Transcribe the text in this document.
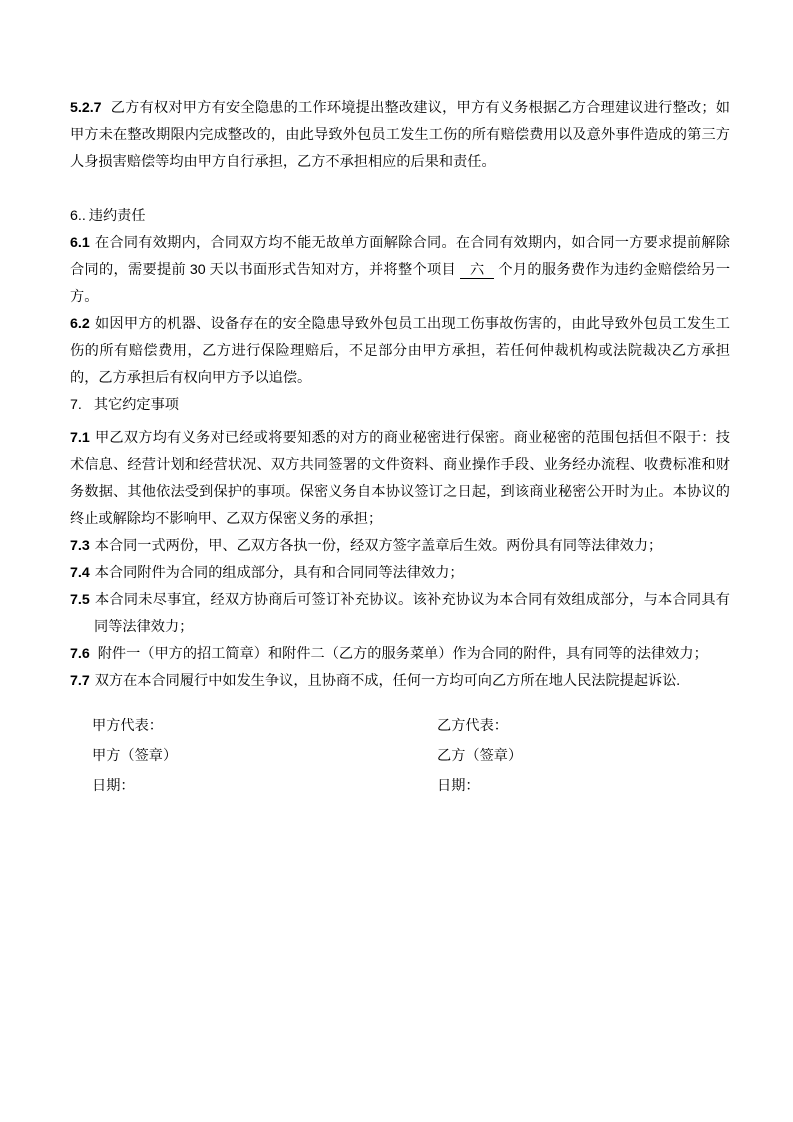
5.2.7 乙方有权对甲方有安全隐患的工作环境提出整改建议，甲方有义务根据乙方合理建议进行整改；如甲方未在整改期限内完成整改的，由此导致外包员工发生工伤的所有赔偿费用以及意外事件造成的第三方人身损害赔偿等均由甲方自行承担，乙方不承担相应的后果和责任。

6.. 违约责任

6.1 在合同有效期内，合同双方均不能无故单方面解除合同。在合同有效期内，如合同一方要求提前解除合同的，需要提前 30 天以书面形式告知对方，并将整个项目 六 个月的服务费作为违约金赔偿给另一方。

6.2 如因甲方的机器、设备存在的安全隐患导致外包员工出现工伤事故伤害的，由此导致外包员工发生工伤的所有赔偿费用，乙方进行保险理赔后，不足部分由甲方承担，若任何仲裁机构或法院裁决乙方承担的，乙方承担后有权向甲方予以追偿。

7. 其它约定事项

7.1 甲乙双方均有义务对已经或将要知悉的对方的商业秘密进行保密。商业秘密的范围包括但不限于：技术信息、经营计划和经营状况、双方共同签署的文件资料、商业操作手段、业务经办流程、收费标准和财务数据、其他依法受到保护的事项。保密义务自本协议签订之日起，到该商业秘密公开时为止。本协议的终止或解除均不影响甲、乙双方保密义务的承担；

7.3 本合同一式两份，甲、乙双方各执一份，经双方签字盖章后生效。两份具有同等法律效力；

7.4 本合同附件为合同的组成部分，具有和合同同等法律效力；

7.5 本合同未尽事宜，经双方协商后可签订补充协议。该补充协议为本合同有效组成部分，与本合同具有同等法律效力；

7.6 附件一（甲方的招工简章）和附件二（乙方的服务菜单）作为合同的附件，具有同等的法律效力；

7.7 双方在本合同履行中如发生争议，且协商不成，任何一方均可向乙方所在地人民法院提起诉讼.

甲方代表：

甲方（签章）

日期：

乙方代表：

乙方（签章）

日期：
